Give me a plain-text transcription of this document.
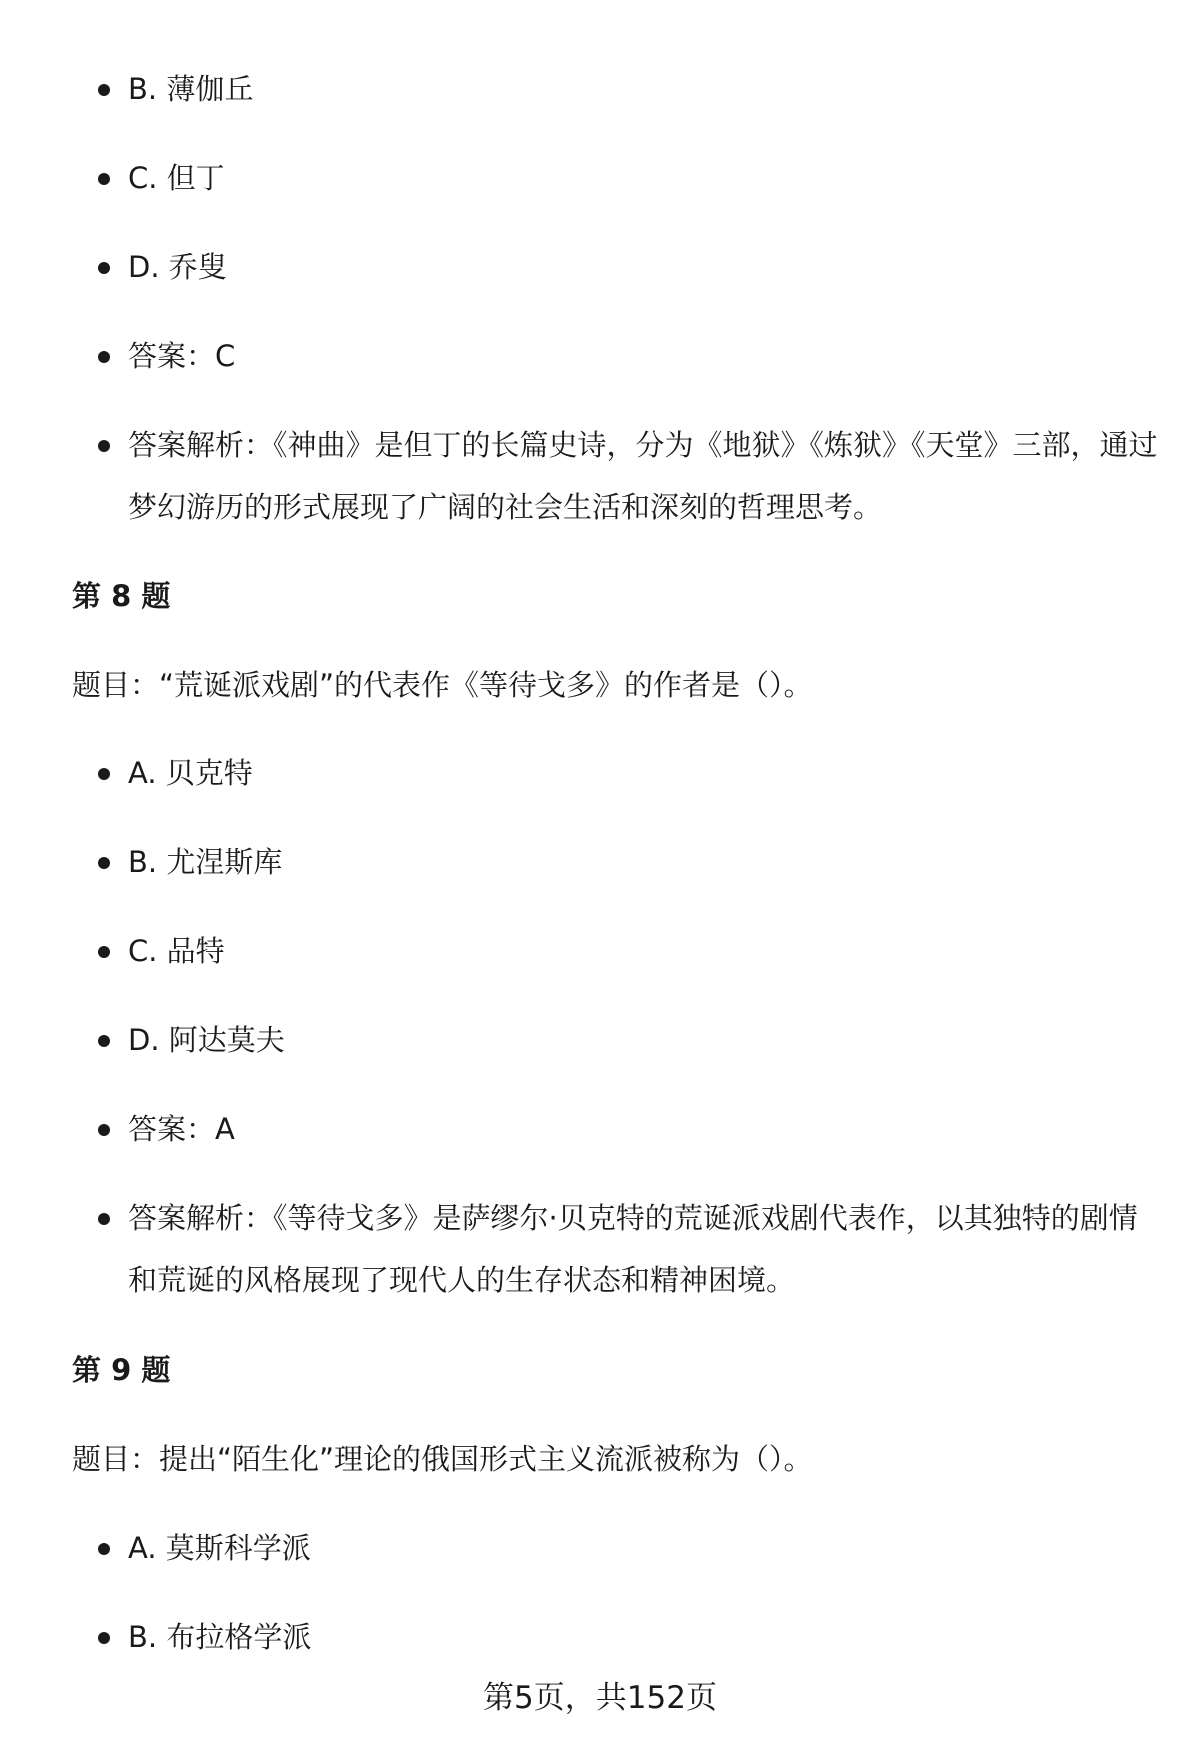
B. 薄伽丘
C. 但丁
D. 乔叟
答案：C
答案解析：《神曲》是但丁的长篇史诗，分为《地狱》《炼狱》《天堂》三部，通过梦幻游历的形式展现了广阔的社会生活和深刻的哲理思考。
第 8 题
题目：“荒诞派戏剧”的代表作《等待戈多》的作者是（）。
A. 贝克特
B. 尤涅斯库
C. 品特
D. 阿达莫夫
答案：A
答案解析：《等待戈多》是萨缪尔·贝克特的荒诞派戏剧代表作，以其独特的剧情和荒诞的风格展现了现代人的生存状态和精神困境。
第 9 题
题目：提出“陌生化”理论的俄国形式主义流派被称为（）。
A. 莫斯科学派
B. 布拉格学派
第5页，共152页
